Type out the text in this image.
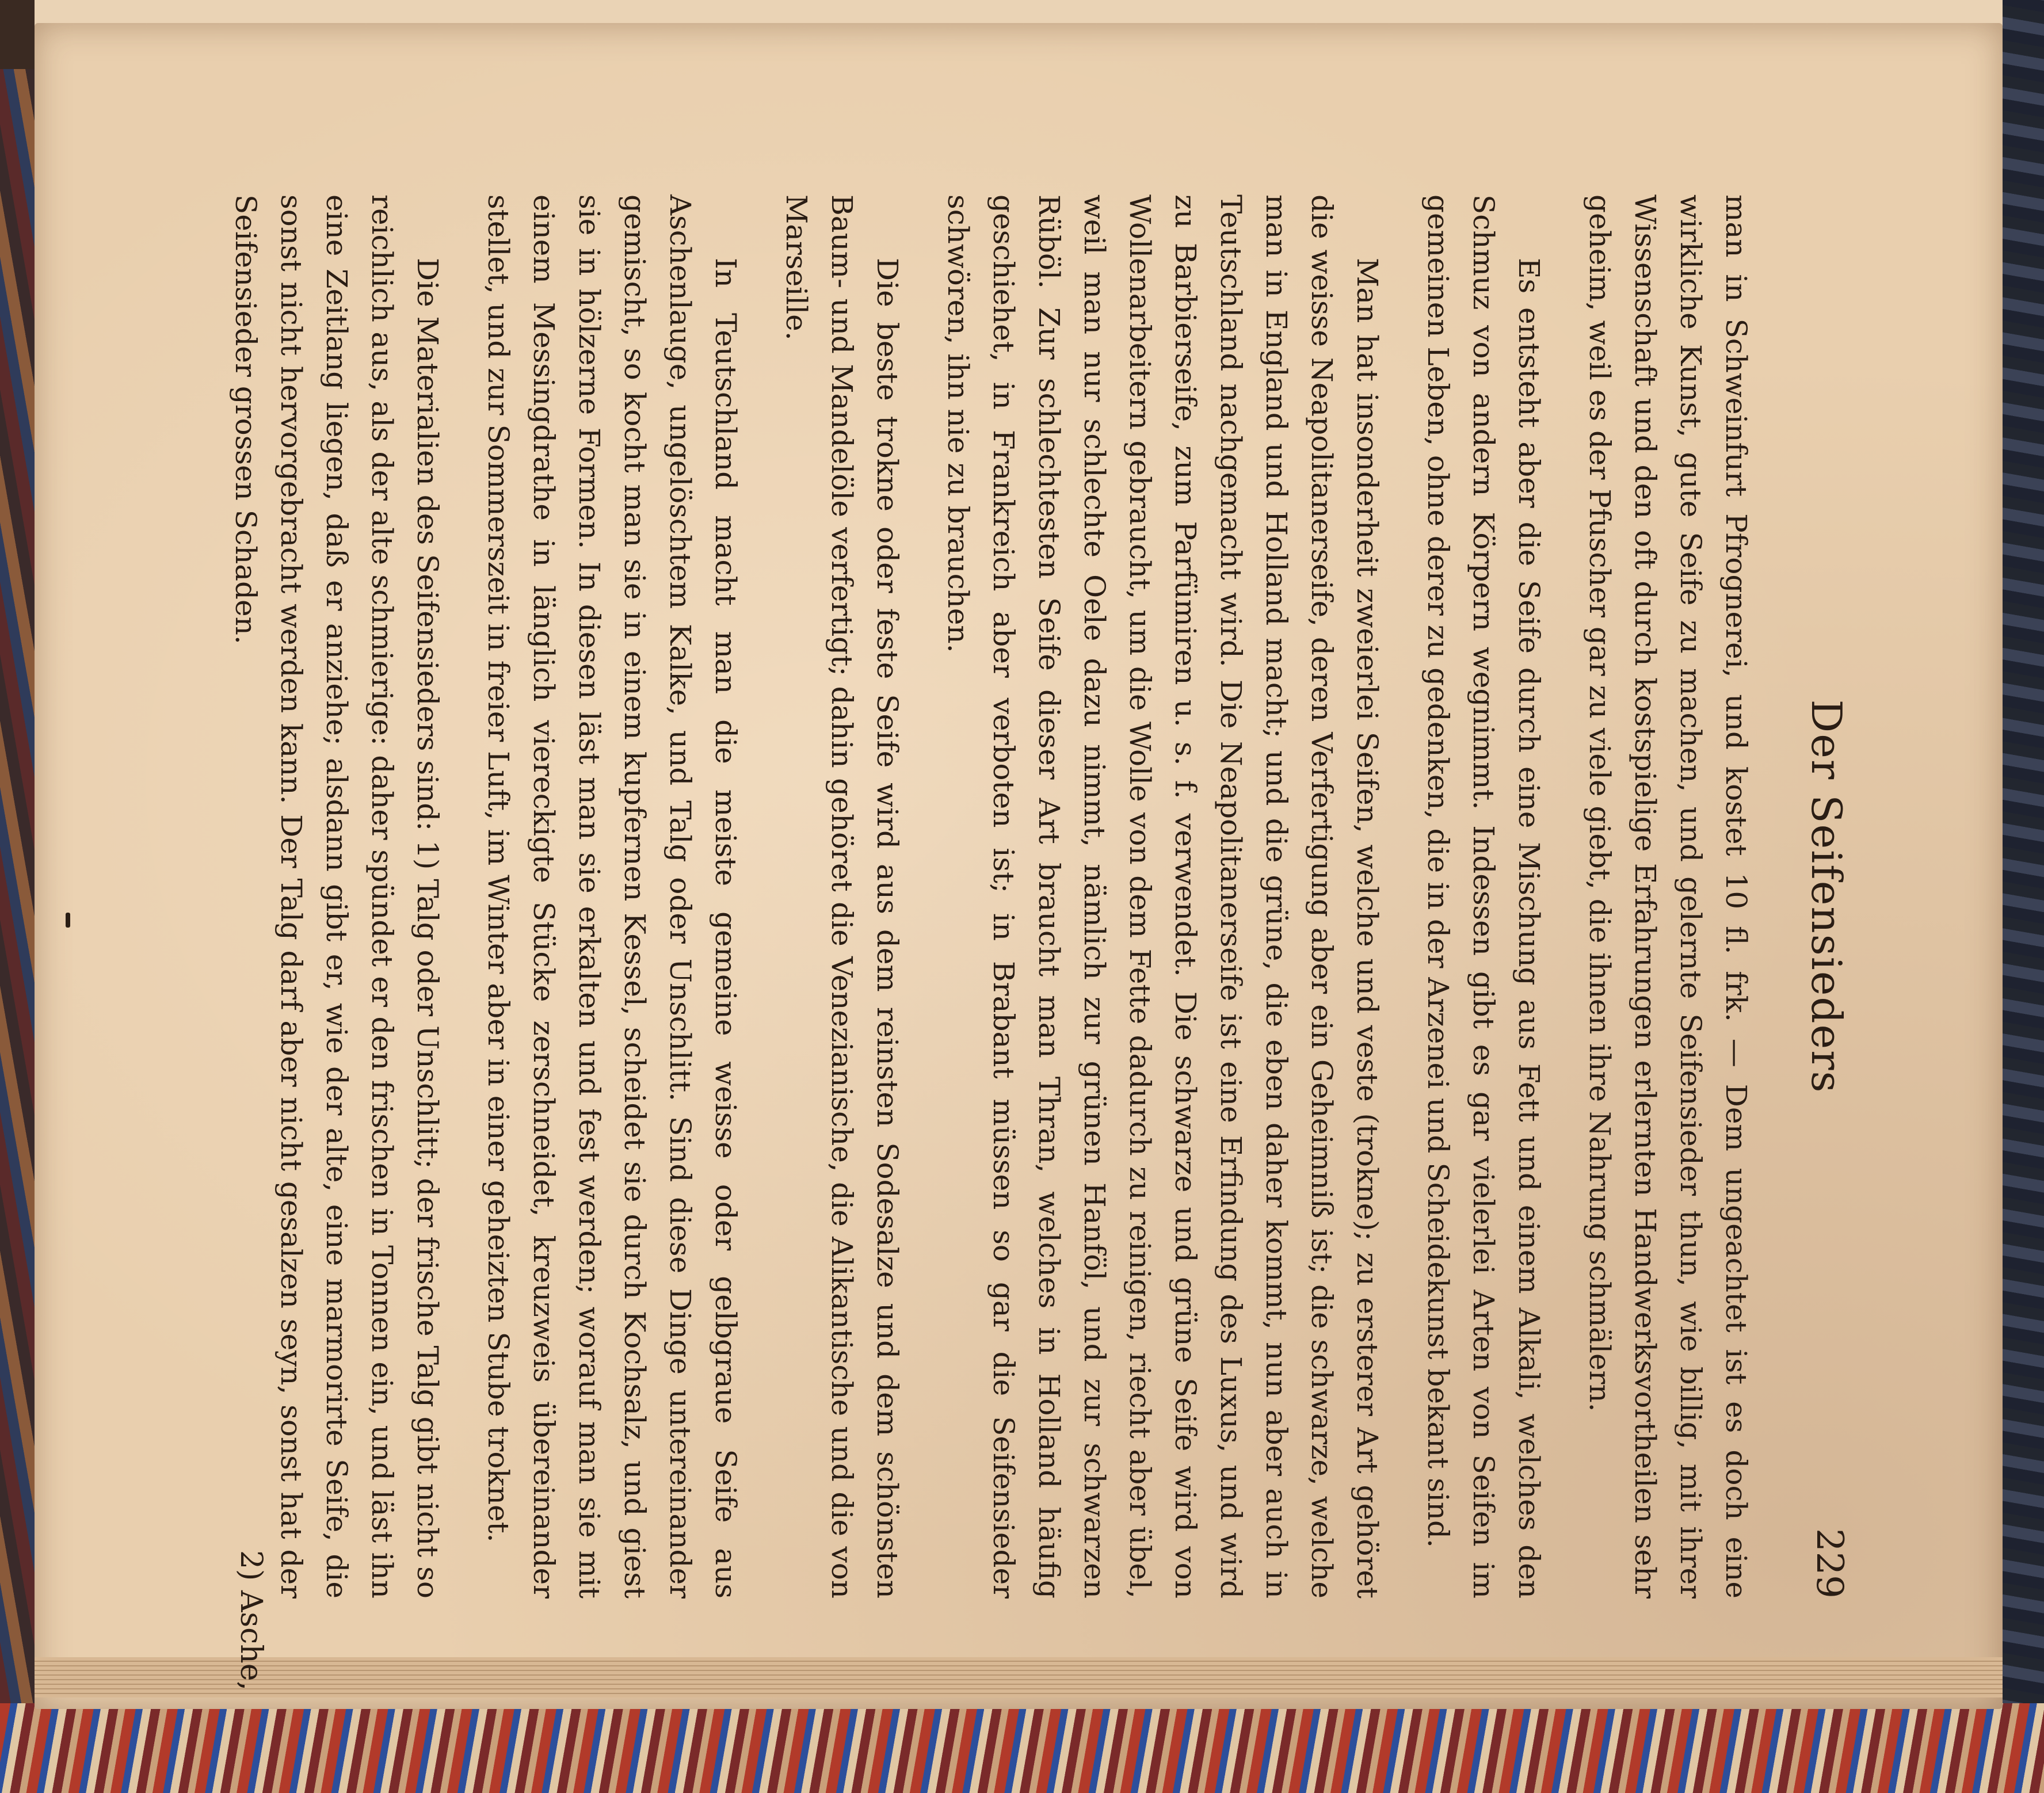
Der Seifensieders
229

man in Schweinfurt Pfrognerei, und kostet 10 fl. frk. — Dem ungeachtet ist es doch eine wirkliche Kunst, gute Seife zu machen, und gelernte Seifensieder thun, wie billig, mit ihrer Wissenschaft und den oft durch kostspielige Erfahrungen erlernten Handwerksvortheilen sehr geheim, weil es der Pfuscher gar zu viele giebt, die ihnen ihre Nahrung schmälern.

Es entsteht aber die Seife durch eine Mischung aus Fett und einem Alkali, welches den Schmuz von andern Körpern wegnimmt. Indessen gibt es gar vielerlei Arten von Seifen im gemeinen Leben, ohne derer zu gedenken, die in der Arzenei und Scheidekunst bekant sind.

Man hat insonderheit zweierlei Seifen, welche und veste (trokne); zu ersterer Art gehöret die weisse Neapolitanerseife, deren Verfertigung aber ein Geheimniß ist; die schwarze, welche man in England und Holland macht; und die grüne, die eben daher kommt, nun aber auch in Teutschland nachgemacht wird. Die Neapolitanerseife ist eine Erfindung des Luxus, und wird zu Barbierseife, zum Parfümiren u. s. f. verwendet. Die schwarze und grüne Seife wird von Wollenarbeitern gebraucht, um die Wolle von dem Fette dadurch zu reinigen, riecht aber übel, weil man nur schlechte Oele dazu nimmt, nämlich zur grünen Hanföl, und zur schwarzen Rüböl. Zur schlechtesten Seife dieser Art braucht man Thran, welches in Holland häufig geschiehet, in Frankreich aber verboten ist; in Brabant müssen so gar die Seifensieder schwören, ihn nie zu brauchen.

Die beste trokne oder feste Seife wird aus dem reinsten Sodesalze und dem schönsten Baum- und Mandelöle verfertigt; dahin gehöret die Venezianische, die Alikantische und die von Marseille.

In Teutschland macht man die meiste gemeine weisse oder gelbgraue Seife aus Aschenlauge, ungelöschtem Kalke, und Talg oder Unschlitt. Sind diese Dinge untereinander gemischt, so kocht man sie in einem kupfernen Kessel, scheidet sie durch Kochsalz, und giest sie in hölzerne Formen. In diesen läst man sie erkalten und fest werden; worauf man sie mit einem Messingdrathe in länglich viereckigte Stücke zerschneidet, kreuzweis übereinander stellet, und zur Sommerszeit in freier Luft, im Winter aber in einer geheizten Stube troknet.

Die Materialien des Seifensieders sind: 1) Talg oder Unschlitt; der frische Talg gibt nicht so reichlich aus, als der alte schmierige: daher spündet er den frischen in Tonnen ein, und läst ihn eine Zeitlang liegen, daß er anziehe; alsdann gibt er, wie der alte, eine marmorirte Seife, die sonst nicht hervorgebracht werden kann. Der Talg darf aber nicht gesalzen seyn, sonst hat der Seifensieder grossen Schaden.

2) Asche,
